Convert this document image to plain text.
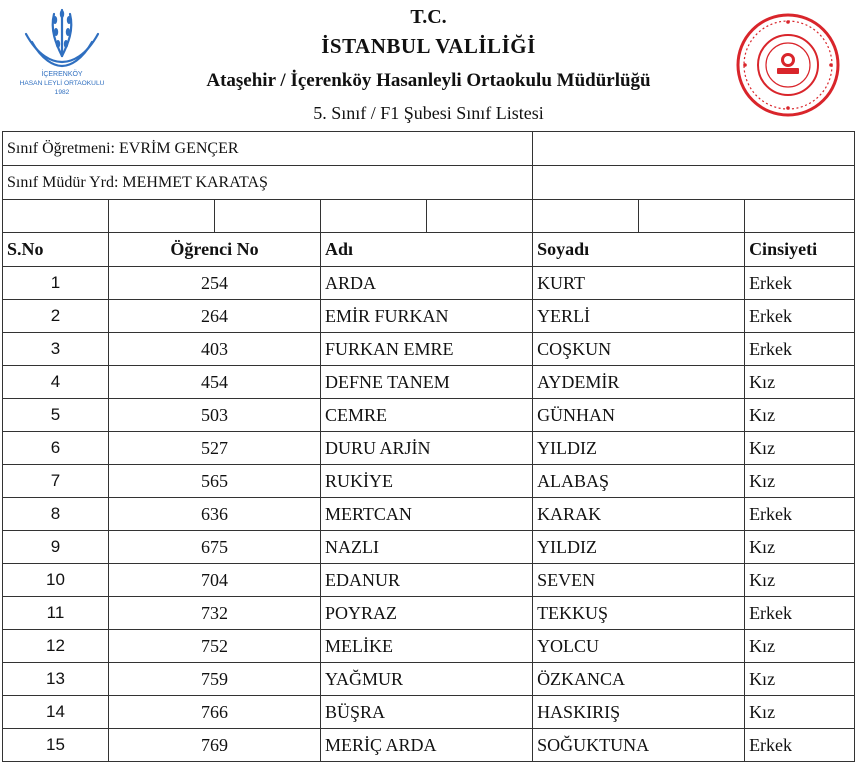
İÇERENKÖY
HASAN LEYLİ ORTAOKULU
1982
T.C.
İSTANBUL VALİLİĞİ
Ataşehir / İçerenköy Hasanleyli Ortaokulu Müdürlüğü
5. Sınıf / F1 Şubesi Sınıf Listesi
Sınıf Öğretmeni: EVRİM GENÇER							
Sınıf Müdür Yrd: MEHMET KARATAŞ							

S.No	Öğrenci No		Adı		Soyadı		Cinsiyeti
1	254		ARDA		KURT		Erkek
2	264		EMİR FURKAN		YERLİ		Erkek
3	403		FURKAN EMRE		COŞKUN		Erkek
4	454		DEFNE TANEM		AYDEMİR		Kız
5	503		CEMRE		GÜNHAN		Kız
6	527		DURU ARJİN		YILDIZ		Kız
7	565		RUKİYE		ALABAŞ		Kız
8	636		MERTCAN		KARAK		Erkek
9	675		NAZLI		YILDIZ		Kız
10	704		EDANUR		SEVEN		Kız
11	732		POYRAZ		TEKKUŞ		Erkek
12	752		MELİKE		YOLCU		Kız
13	759		YAĞMUR		ÖZKANCA		Kız
14	766		BÜŞRA		HASKIRIŞ		Kız
15	769		MERİÇ ARDA		SOĞUKTUNA		Erkek
